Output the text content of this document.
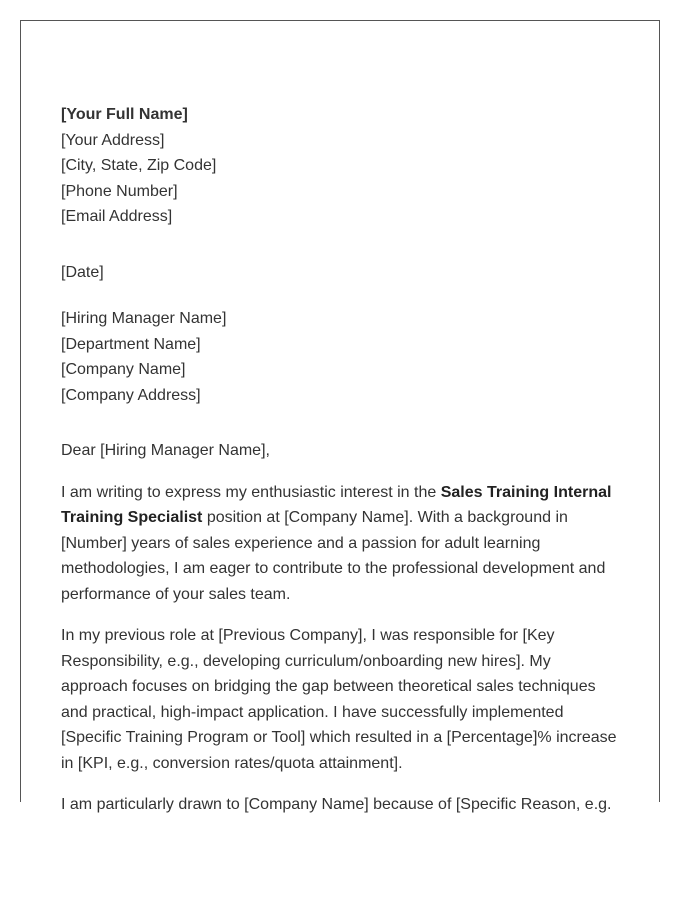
[Your Full Name]
[Your Address]
[City, State, Zip Code]
[Phone Number]
[Email Address]
[Date]
[Hiring Manager Name]
[Department Name]
[Company Name]
[Company Address]

Dear [Hiring Manager Name],

I am writing to express my enthusiastic interest in the Sales Training Internal Training Specialist position at [Company Name]. With a background in [Number] years of sales experience and a passion for adult learning methodologies, I am eager to contribute to the professional development and performance of your sales team.

In my previous role at [Previous Company], I was responsible for [Key Responsibility, e.g., developing curriculum/onboarding new hires]. My approach focuses on bridging the gap between theoretical sales techniques and practical, high-impact application. I have successfully implemented [Specific Training Program or Tool] which resulted in a [Percentage]% increase in [KPI, e.g., conversion rates/quota attainment].

I am particularly drawn to [Company Name] because of [Specific Reason, e.g.
